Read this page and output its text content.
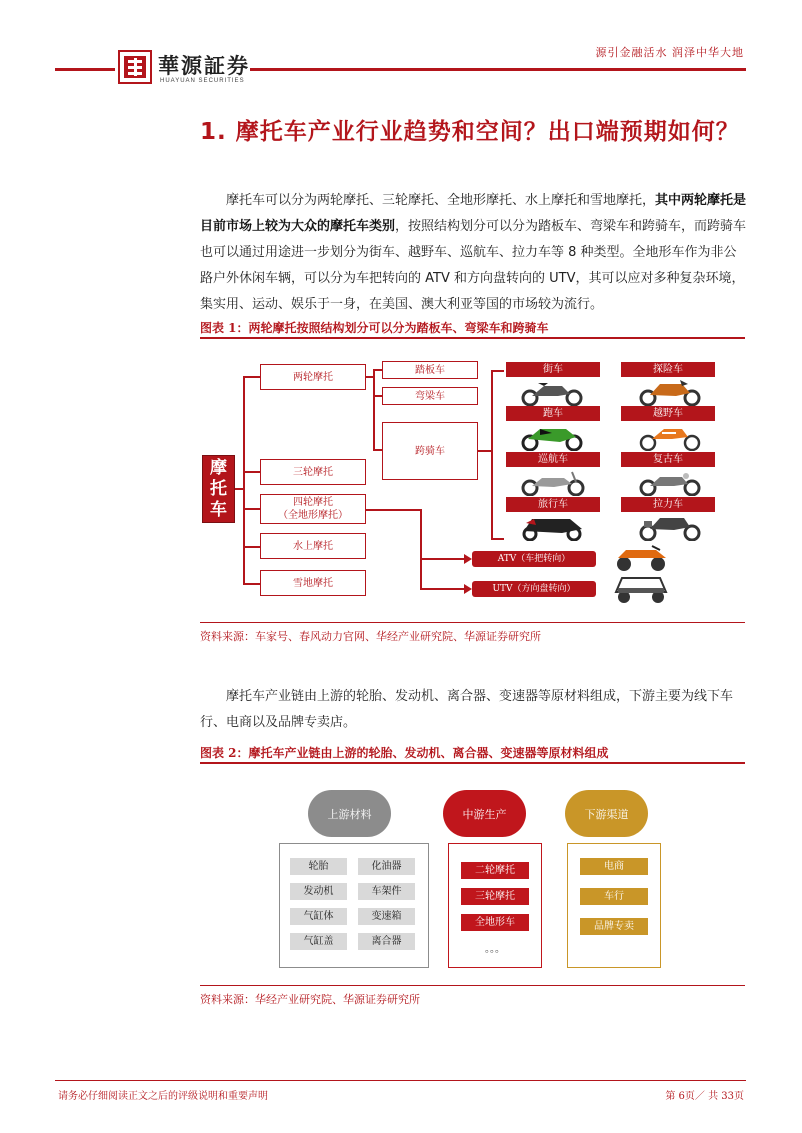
華源証券
HUAYUAN SECURITIES
源引金融活水 润泽中华大地
1. 摩托车产业行业趋势和空间？出口端预期如何？

摩托车可以分为两轮摩托、三轮摩托、全地形摩托、水上摩托和雪地摩托，其中两轮摩托是目前市场上较为大众的摩托车类别，按照结构划分可以分为踏板车、弯梁车和跨骑车，而跨骑车也可以通过用途进一步划分为街车、越野车、巡航车、拉力车等 8 种类型。全地形车作为非公路户外休闲车辆，可以分为车把转向的 ATV 和方向盘转向的 UTV，其可以应对多种复杂环境，集实用、运动、娱乐于一身，在美国、澳大利亚等国的市场较为流行。

图表 1：两轮摩托按照结构划分可以分为踏板车、弯梁车和跨骑车
摩
托
车
两轮摩托
三轮摩托
四轮摩托
（全地形摩托）
水上摩托
雪地摩托
踏板车
弯梁车
跨骑车
街车	探险车
跑车	越野车
巡航车	复古车
旅行车	拉力车
ATV（车把转向）
UTV（方向盘转向）
资料来源：车家号、春风动力官网、华经产业研究院、华源证券研究所

摩托车产业链由上游的轮胎、发动机、离合器、变速器等原材料组成，下游主要为线下车行、电商以及品牌专卖店。

图表 2：摩托车产业链由上游的轮胎、发动机、离合器、变速器等原材料组成
上游材料	中游生产	下游渠道
轮胎	化油器
发动机	车架件
气缸体	变速箱
气缸盖	离合器
二轮摩托
三轮摩托
全地形车
。。。
电商
车行
品牌专卖
资料来源：华经产业研究院、华源证券研究所
请务必仔细阅读正文之后的评级说明和重要声明	第 6页／ 共 33页
